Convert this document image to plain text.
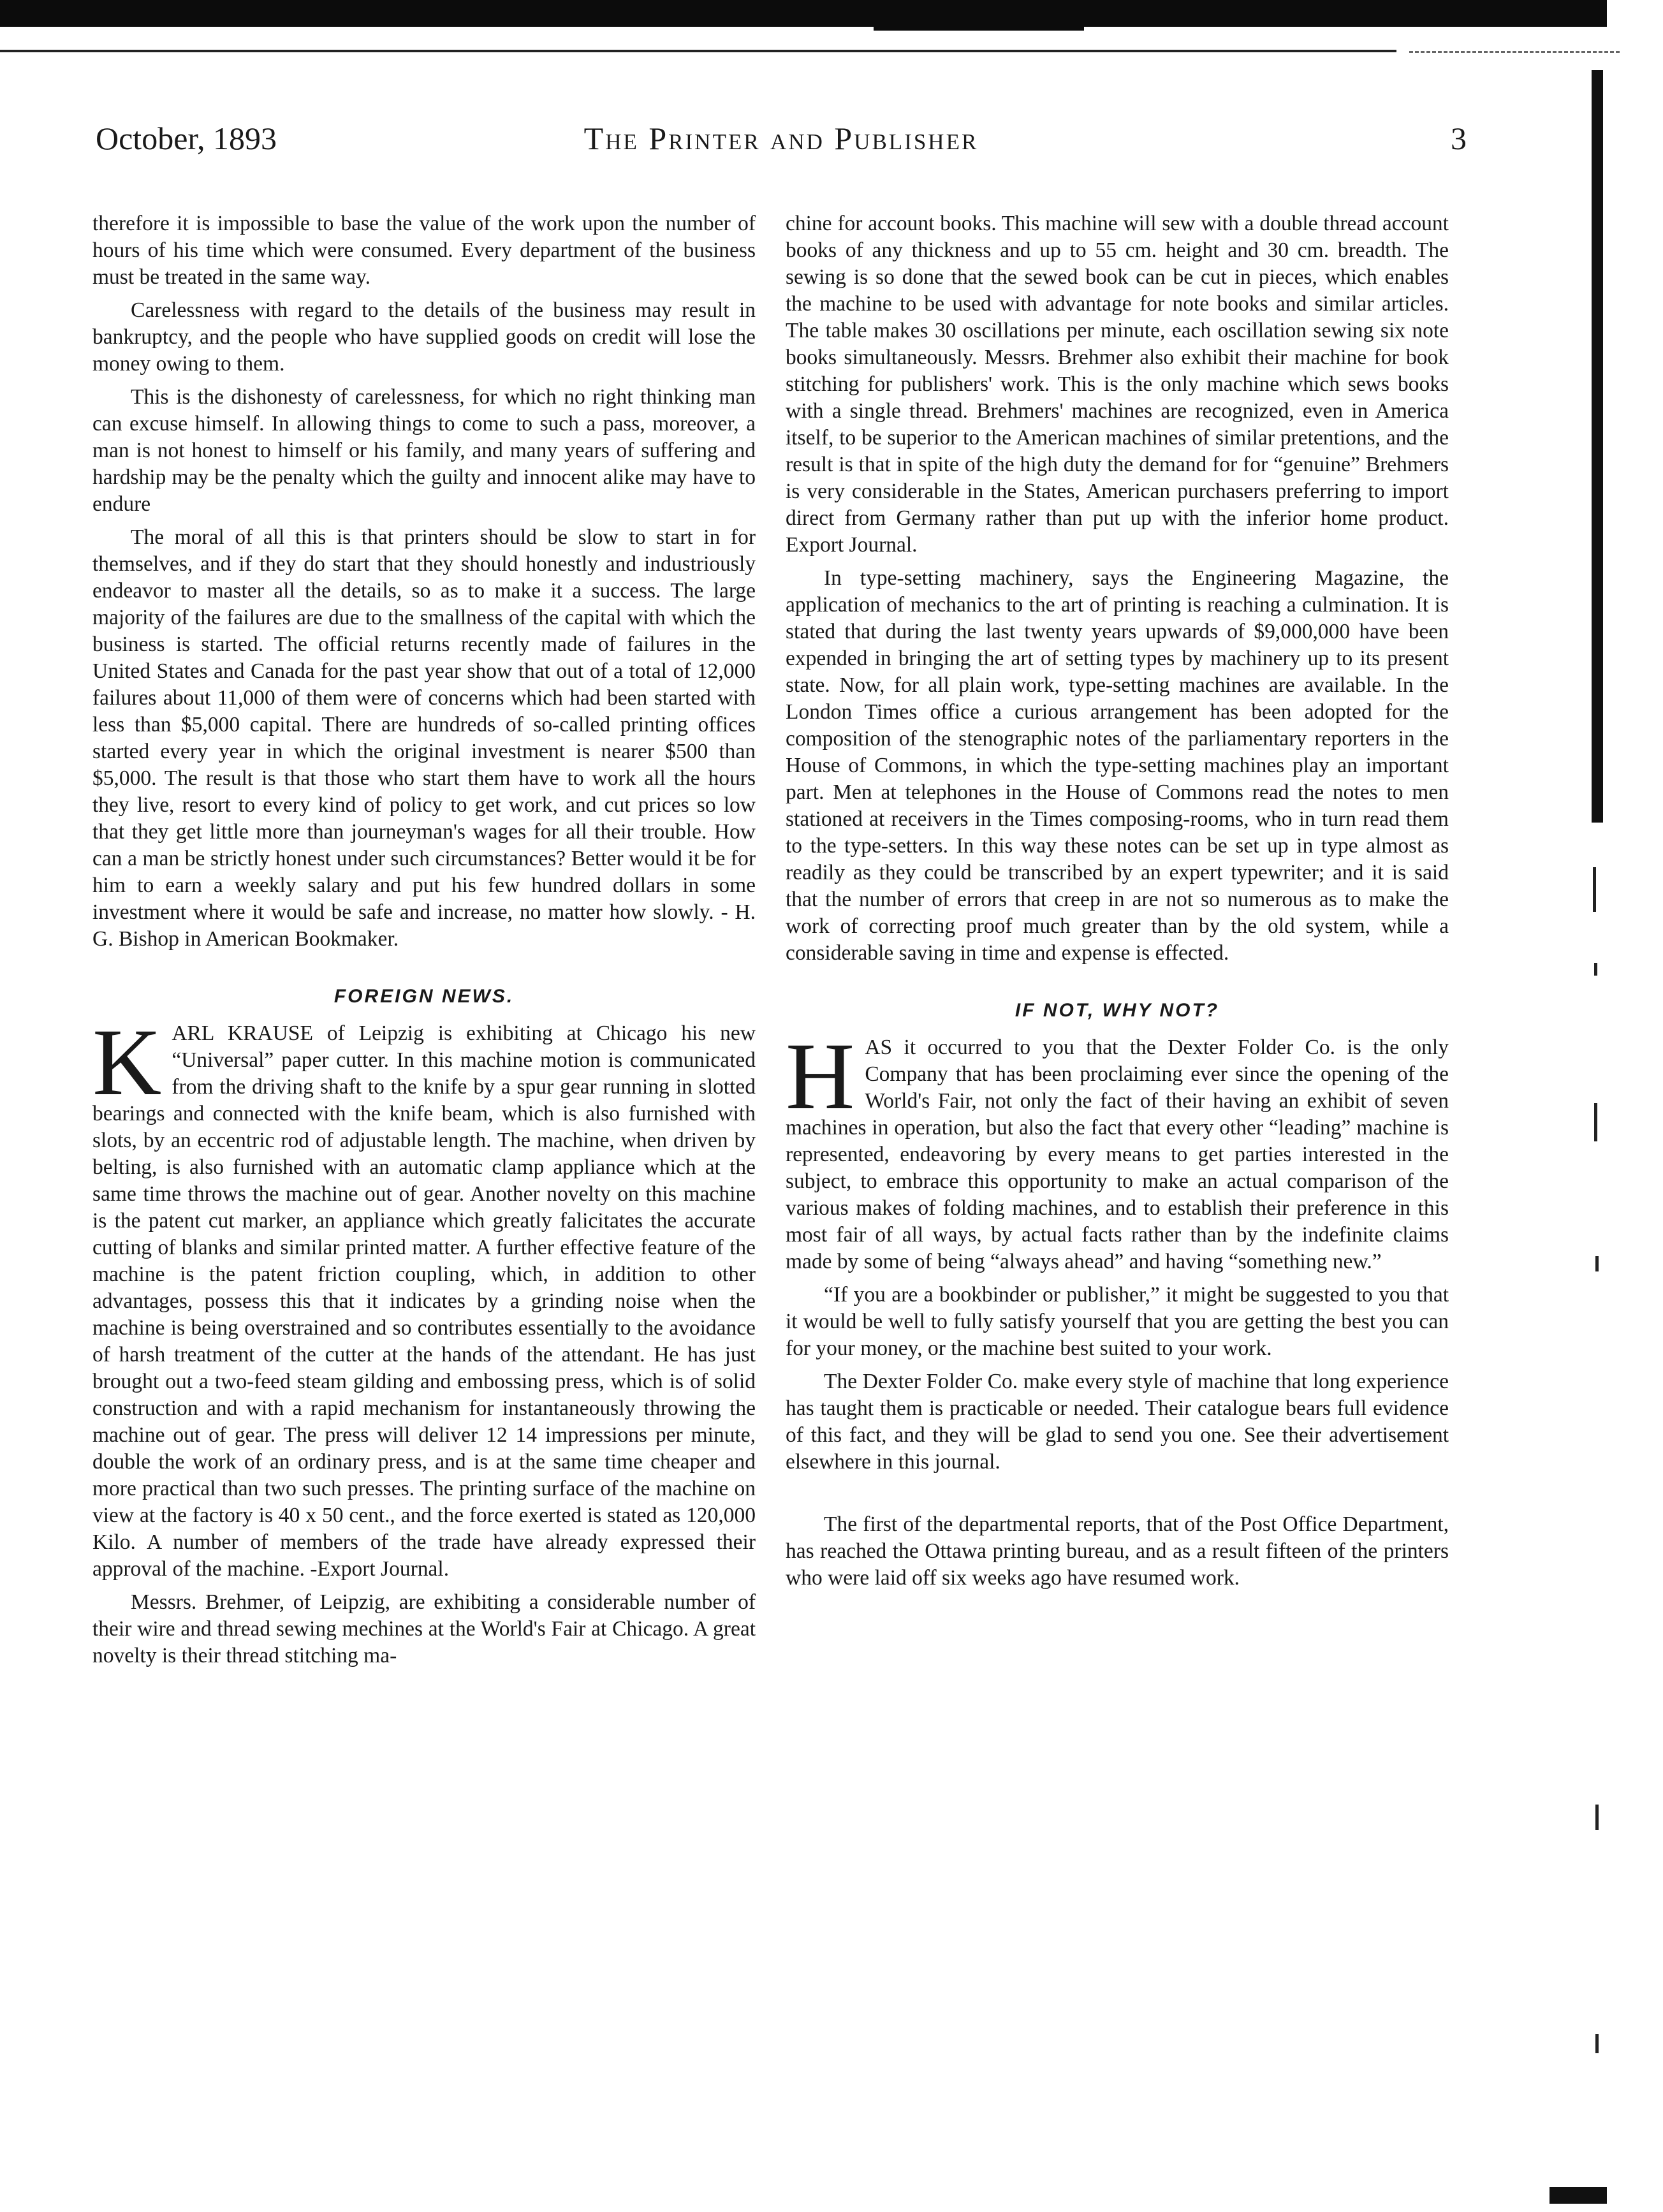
October, 1893	The Printer and Publisher	3

therefore it is impossible to base the value of the work upon the number of hours of his time which were consumed. Every department of the business must be treated in the same way.

Carelessness with regard to the details of the business may result in bankruptcy, and the people who have supplied goods on credit will lose the money owing to them.

This is the dishonesty of carelessness, for which no right thinking man can excuse himself. In allowing things to come to such a pass, moreover, a man is not honest to himself or his family, and many years of suffering and hardship may be the penalty which the guilty and innocent alike may have to endure

The moral of all this is that printers should be slow to start in for themselves, and if they do start that they should honestly and industriously endeavor to master all the details, so as to make it a success. The large majority of the failures are due to the smallness of the capital with which the business is started. The official returns recently made of failures in the United States and Canada for the past year show that out of a total of 12,000 failures about 11,000 of them were of concerns which had been started with less than $5,000 capital. There are hundreds of so-called printing offices started every year in which the original investment is nearer $500 than $5,000. The result is that those who start them have to work all the hours they live, resort to every kind of policy to get work, and cut prices so low that they get little more than journeyman's wages for all their trouble. How can a man be strictly honest under such circumstances? Better would it be for him to earn a weekly salary and put his few hundred dollars in some investment where it would be safe and increase, no matter how slowly. - H. G. Bishop in American Bookmaker.

FOREIGN NEWS.

KARL KRAUSE of Leipzig is exhibiting at Chicago his new “Universal” paper cutter. In this machine motion is communicated from the driving shaft to the knife by a spur gear running in slotted bearings and connected with the knife beam, which is also furnished with slots, by an eccentric rod of adjustable length. The machine, when driven by belting, is also furnished with an automatic clamp appliance which at the same time throws the machine out of gear. Another novelty on this machine is the patent cut marker, an appliance which greatly falicitates the accurate cutting of blanks and similar printed matter. A further effective feature of the machine is the patent friction coupling, which, in addition to other advantages, possess this that it indicates by a grinding noise when the machine is being overstrained and so contributes essentially to the avoidance of harsh treatment of the cutter at the hands of the attendant. He has just brought out a two-feed steam gilding and embossing press, which is of solid construction and with a rapid mechanism for instantaneously throwing the machine out of gear. The press will deliver 12 14 impressions per minute, double the work of an ordinary press, and is at the same time cheaper and more practical than two such presses. The printing surface of the machine on view at the factory is 40 x 50 cent., and the force exerted is stated as 120,000 Kilo. A number of members of the trade have already expressed their approval of the machine. -Export Journal.

Messrs. Brehmer, of Leipzig, are exhibiting a considerable number of their wire and thread sewing mechines at the World's Fair at Chicago. A great novelty is their thread stitching ma-

chine for account books. This machine will sew with a double thread account books of any thickness and up to 55 cm. height and 30 cm. breadth. The sewing is so done that the sewed book can be cut in pieces, which enables the machine to be used with advantage for note books and similar articles. The table makes 30 oscillations per minute, each oscillation sewing six note books simultaneously. Messrs. Brehmer also exhibit their machine for book stitching for publishers' work. This is the only machine which sews books with a single thread. Brehmers' machines are recognized, even in America itself, to be superior to the American machines of similar pretentions, and the result is that in spite of the high duty the demand for for “genuine” Brehmers is very considerable in the States, American purchasers preferring to import direct from Germany rather than put up with the inferior home product. Export Journal.

In type-setting machinery, says the Engineering Magazine, the application of mechanics to the art of printing is reaching a culmination. It is stated that during the last twenty years upwards of $9,000,000 have been expended in bringing the art of setting types by machinery up to its present state. Now, for all plain work, type-setting machines are available. In the London Times office a curious arrangement has been adopted for the composition of the stenographic notes of the parliamentary reporters in the House of Commons, in which the type-setting machines play an important part. Men at telephones in the House of Commons read the notes to men stationed at receivers in the Times composing-rooms, who in turn read them to the type-setters. In this way these notes can be set up in type almost as readily as they could be transcribed by an expert typewriter; and it is said that the number of errors that creep in are not so numerous as to make the work of correcting proof much greater than by the old system, while a considerable saving in time and expense is effected.

IF NOT, WHY NOT?

HAS it occurred to you that the Dexter Folder Co. is the only Company that has been proclaiming ever since the opening of the World's Fair, not only the fact of their having an exhibit of seven machines in operation, but also the fact that every other “leading” machine is represented, endeavoring by every means to get parties interested in the subject, to embrace this opportunity to make an actual comparison of the various makes of folding machines, and to establish their preference in this most fair of all ways, by actual facts rather than by the indefinite claims made by some of being “always ahead” and having “something new.”

“If you are a bookbinder or publisher,” it might be suggested to you that it would be well to fully satisfy yourself that you are getting the best you can for your money, or the machine best suited to your work.

The Dexter Folder Co. make every style of machine that long experience has taught them is practicable or needed. Their catalogue bears full evidence of this fact, and they will be glad to send you one. See their advertisement elsewhere in this journal.

The first of the departmental reports, that of the Post Office Department, has reached the Ottawa printing bureau, and as a result fifteen of the printers who were laid off six weeks ago have resumed work.
